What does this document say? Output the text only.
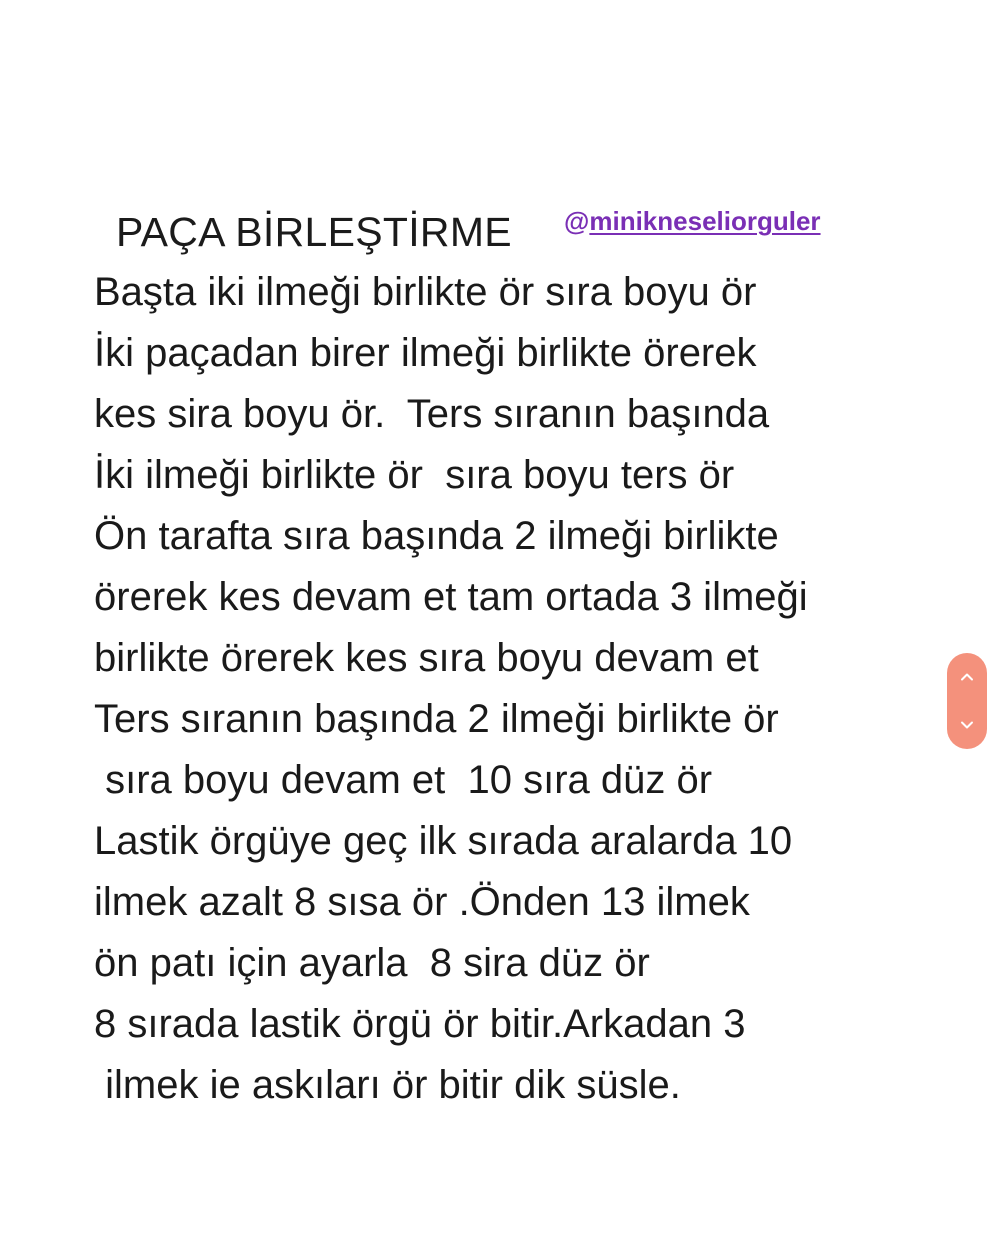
PAÇA BİRLEŞTİRME @minikneseliorguler
Başta iki ilmeği birlikte ör sıra boyu ör
İki paçadan birer ilmeği birlikte örerek
kes sira boyu ör.  Ters sıranın başında
İki ilmeği birlikte ör  sıra boyu ters ör
Ön tarafta sıra başında 2 ilmeği birlikte
örerek kes devam et tam ortada 3 ilmeği
birlikte örerek kes sıra boyu devam et
Ters sıranın başında 2 ilmeği birlikte ör
sıra boyu devam et  10 sıra düz ör
Lastik örgüye geç ilk sırada aralarda 10
ilmek azalt 8 sısa ör .Önden 13 ilmek
ön patı için ayarla  8 sira düz ör
8 sırada lastik örgü ör bitir.Arkadan 3
ilmek ie askıları ör bitir dik süsle.
